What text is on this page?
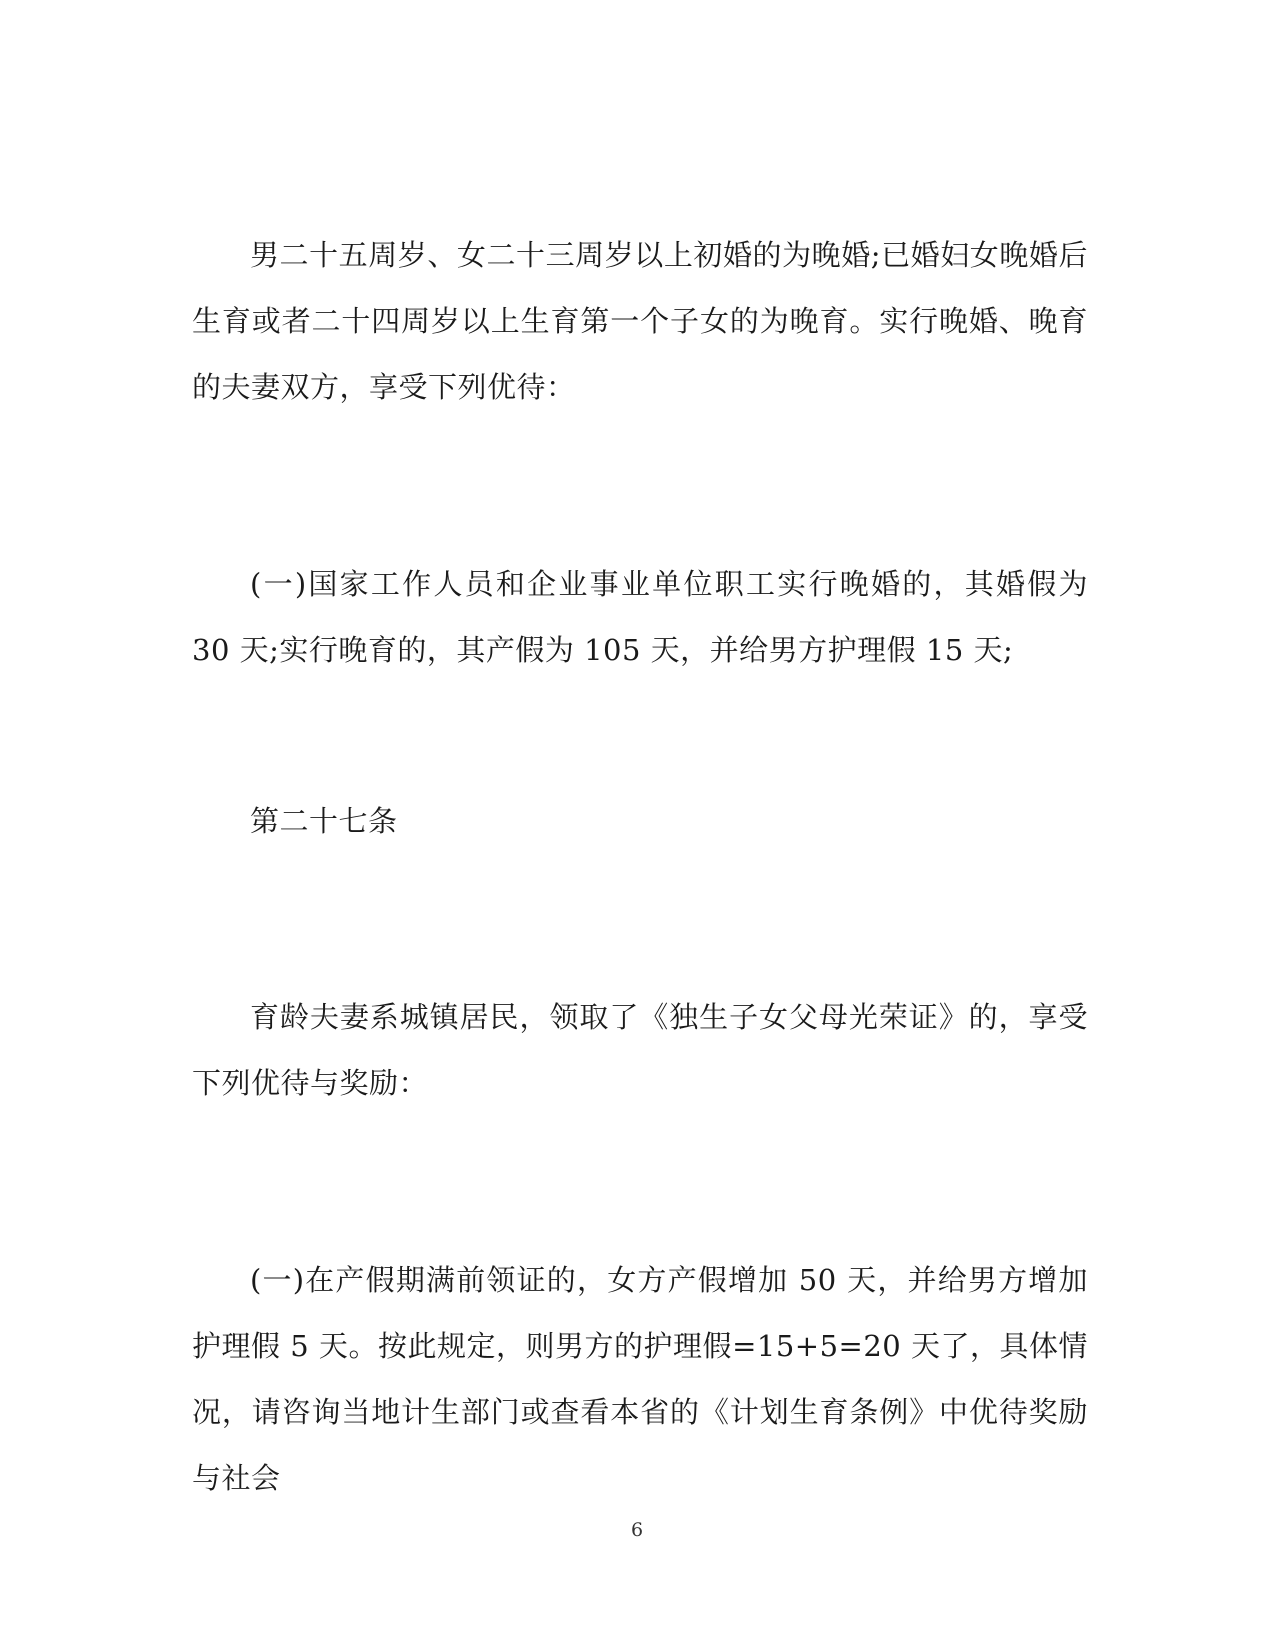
男二十五周岁、女二十三周岁以上初婚的为晚婚;已婚妇女晚婚后生育或者二十四周岁以上生育第一个子女的为晚育。实行晚婚、晚育的夫妻双方，享受下列优待：

(一)国家工作人员和企业事业单位职工实行晚婚的，其婚假为 30 天;实行晚育的，其产假为 105 天，并给男方护理假 15 天;

第二十七条

育龄夫妻系城镇居民，领取了《独生子女父母光荣证》的，享受下列优待与奖励：

(一)在产假期满前领证的，女方产假增加 50 天，并给男方增加护理假 5 天。按此规定，则男方的护理假=15+5=20 天了，具体情况，请咨询当地计生部门或查看本省的《计划生育条例》中优待奖励与社会

6
